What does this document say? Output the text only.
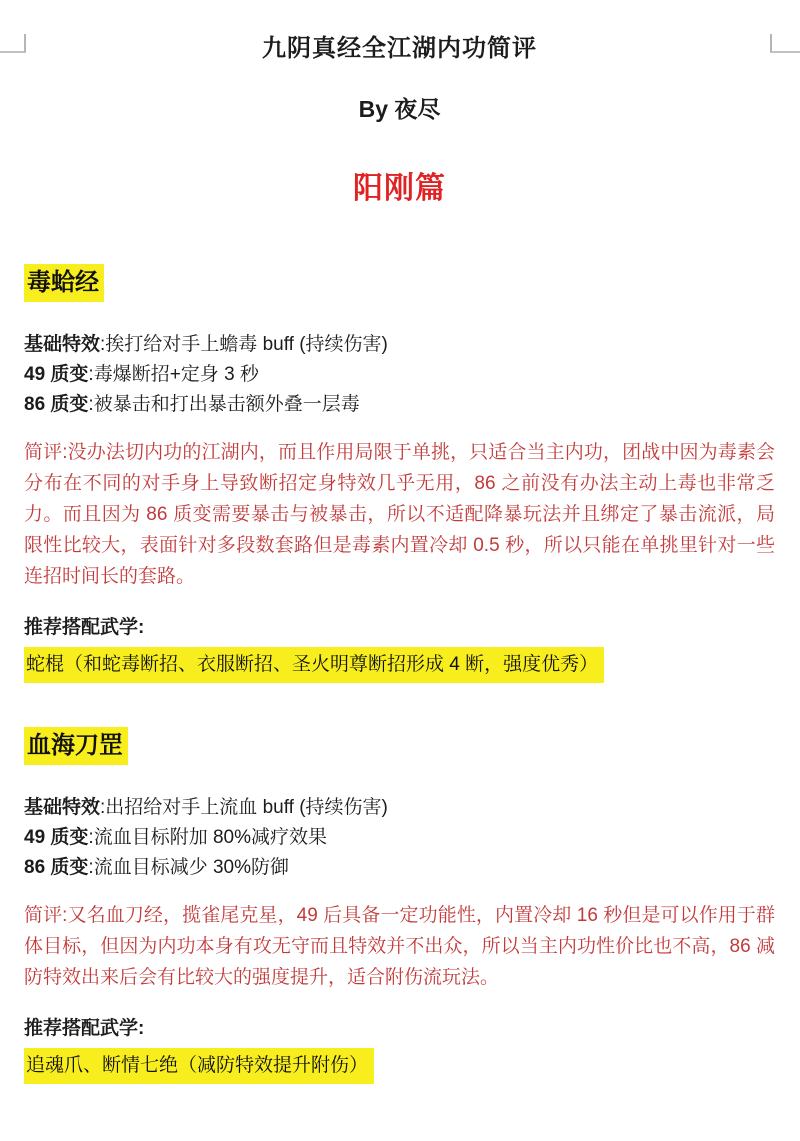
九阴真经全江湖内功简评
By 夜尽
阳刚篇
毒蛤经
基础特效:挨打给对手上蟾毒 buff (持续伤害)
49 质变:毒爆断招+定身 3 秒
86 质变:被暴击和打出暴击额外叠一层毒
简评:没办法切内功的江湖内，而且作用局限于单挑，只适合当主内功，团战中因为毒素会分布在不同的对手身上导致断招定身特效几乎无用，86 之前没有办法主动上毒也非常乏力。而且因为 86 质变需要暴击与被暴击，所以不适配降暴玩法并且绑定了暴击流派，局限性比较大，表面针对多段数套路但是毒素内置冷却 0.5 秒，所以只能在单挑里针对一些连招时间长的套路。
推荐搭配武学:
蛇棍（和蛇毒断招、衣服断招、圣火明尊断招形成 4 断，强度优秀）
血海刀罡
基础特效:出招给对手上流血 buff (持续伤害)
49 质变:流血目标附加 80%减疗效果
86 质变:流血目标减少 30%防御
简评:又名血刀经，揽雀尾克星，49 后具备一定功能性，内置冷却 16 秒但是可以作用于群体目标，但因为内功本身有攻无守而且特效并不出众，所以当主内功性价比也不高，86 减防特效出来后会有比较大的强度提升，适合附伤流玩法。
推荐搭配武学:
追魂爪、断情七绝（减防特效提升附伤）
